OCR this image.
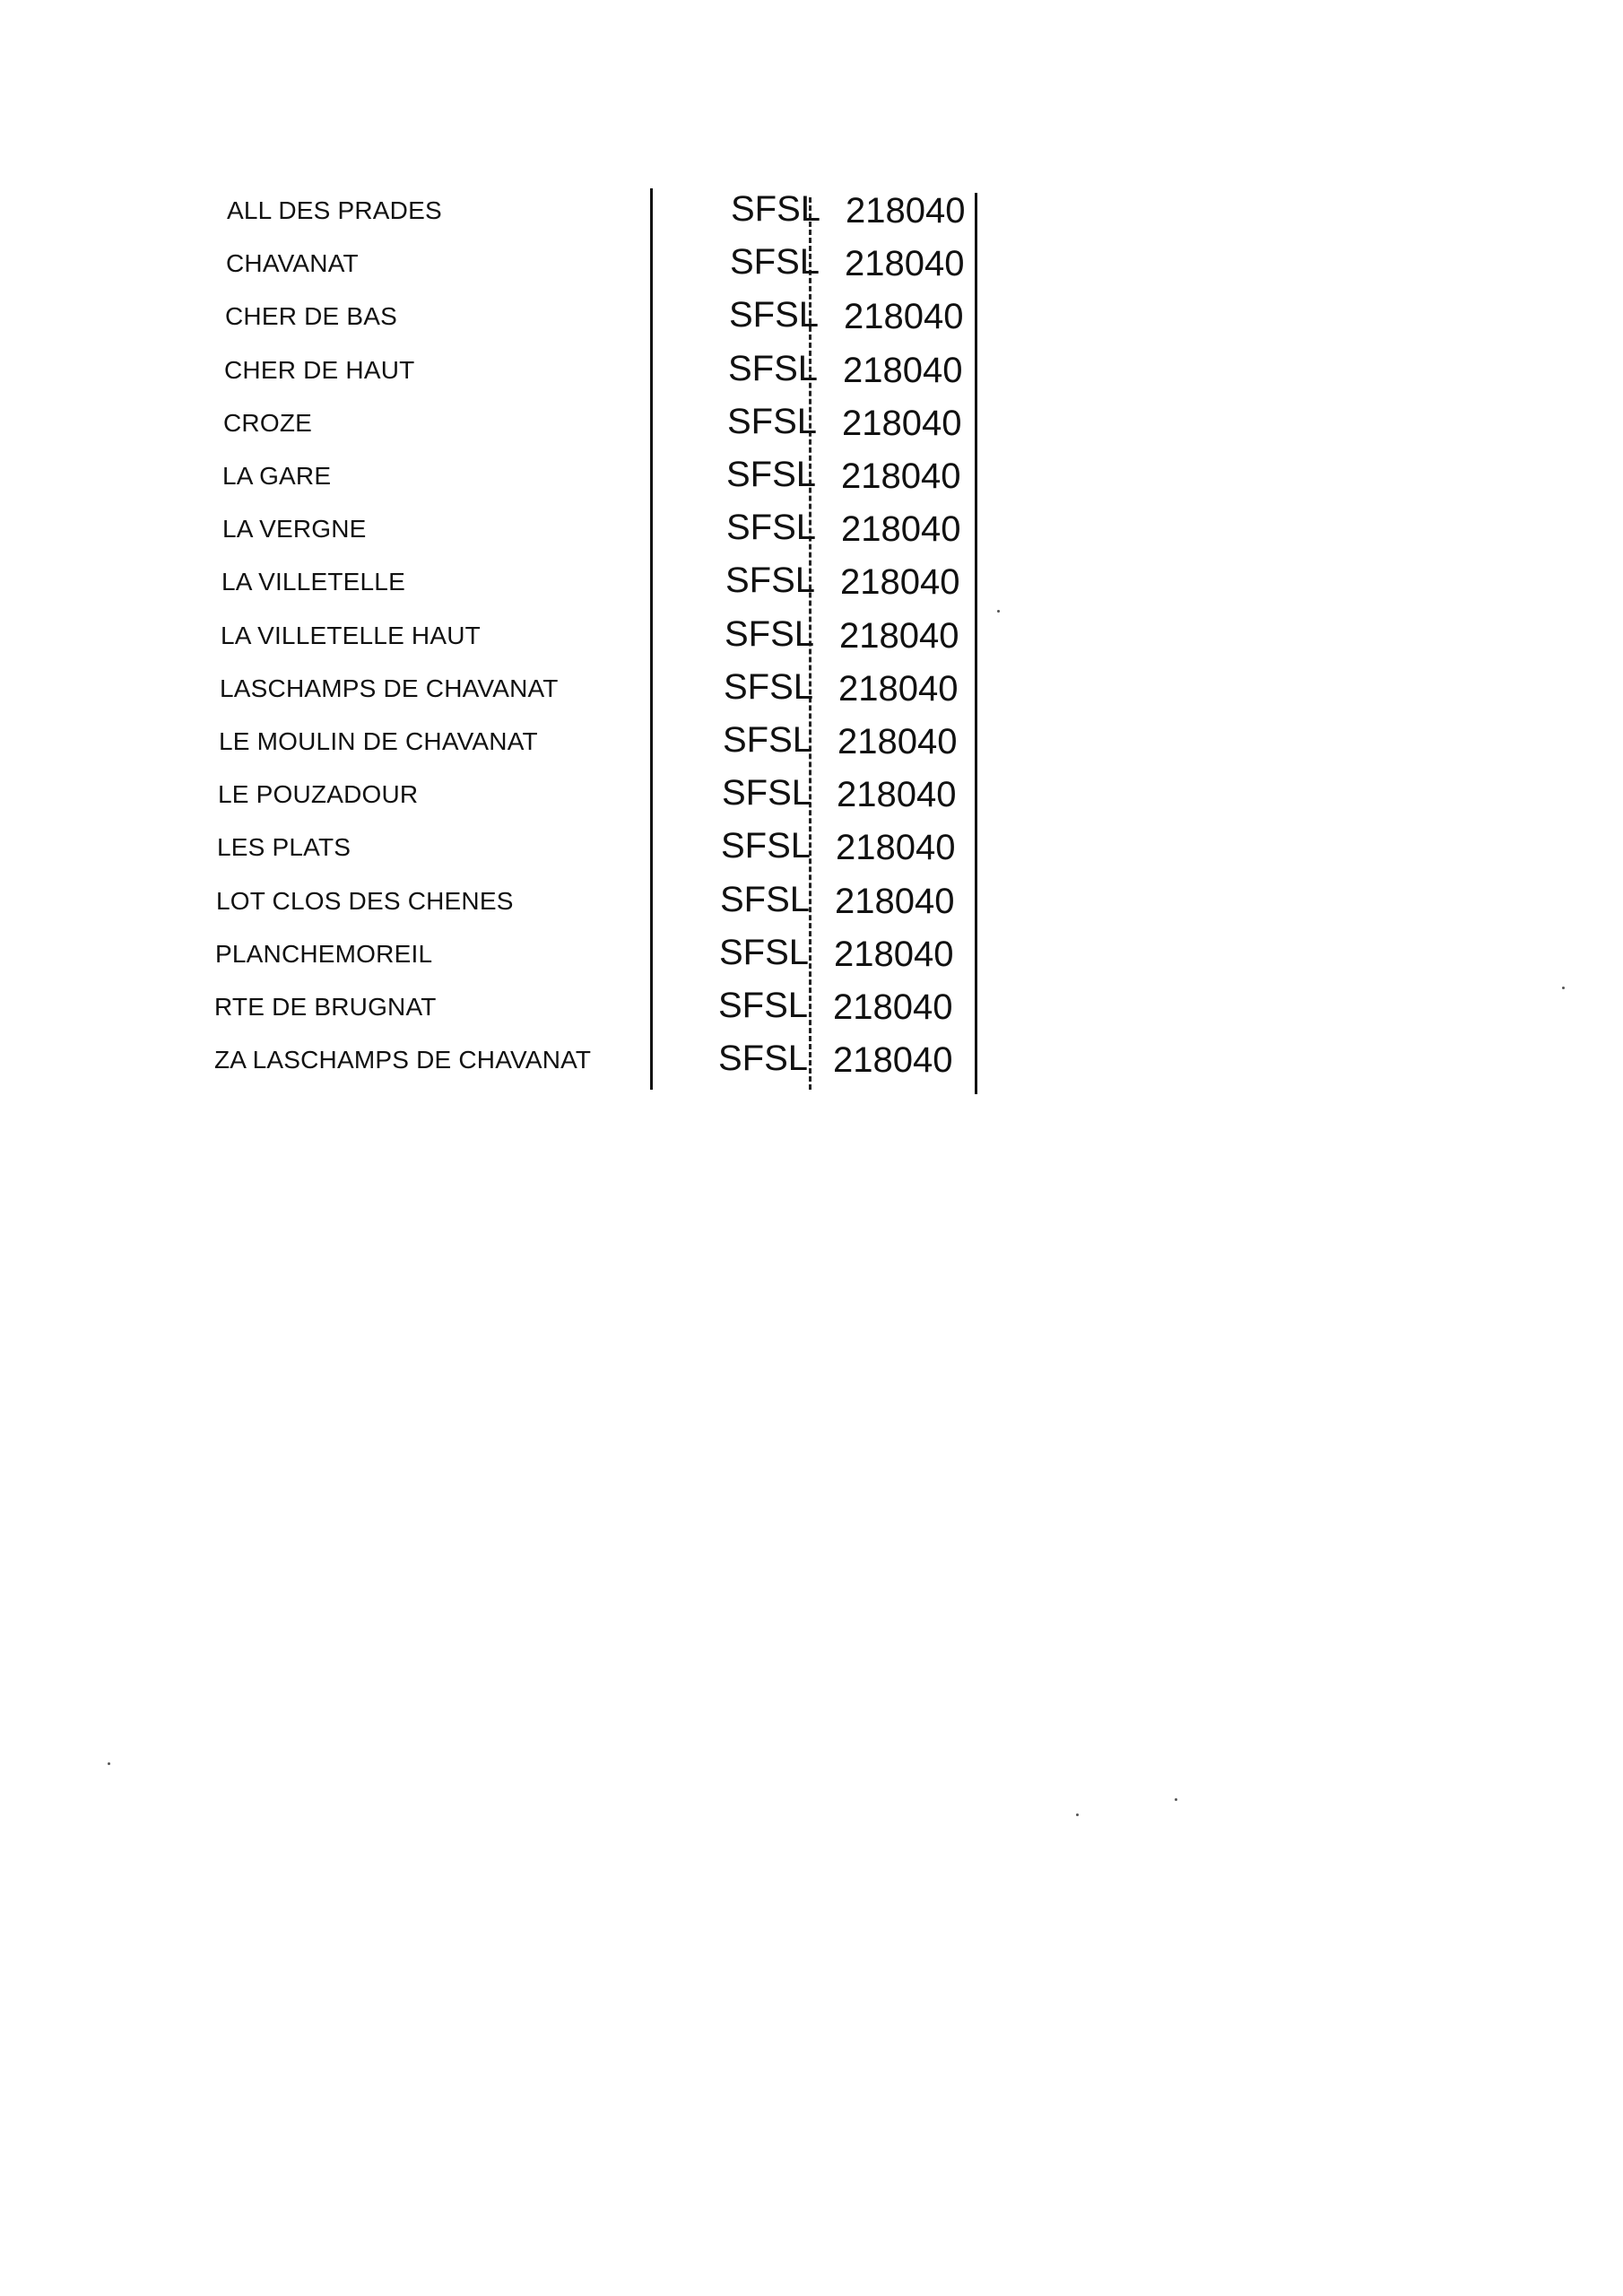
ALL DES PRADES	SFSL 218040
CHAVANAT	SFSL 218040
CHER DE BAS	SFSL 218040
CHER DE HAUT	SFSL 218040
CROZE	SFSL 218040
LA GARE	SFSL 218040
LA VERGNE	SFSL 218040
LA VILLETELLE	SFSL 218040
LA VILLETELLE HAUT	SFSL 218040
LASCHAMPS DE CHAVANAT	SFSL 218040
LE MOULIN DE CHAVANAT	SFSL 218040
LE POUZADOUR	SFSL 218040
LES PLATS	SFSL 218040
LOT CLOS DES CHENES	SFSL 218040
PLANCHEMOREIL	SFSL 218040
RTE DE BRUGNAT	SFSL 218040
ZA LASCHAMPS DE CHAVANAT	SFSL 218040
